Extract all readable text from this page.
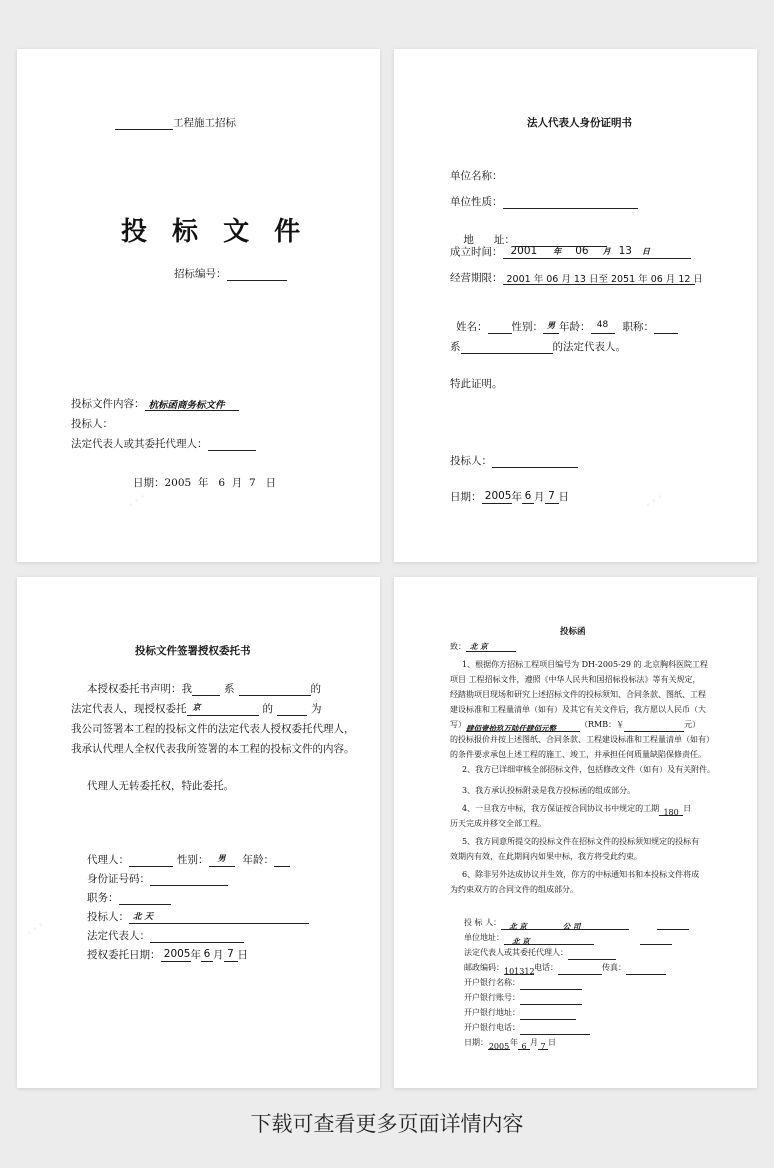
工程施工招标
投 标 文 件
招标编号：
投标文件内容： 杭标函商务标文件
投标人：
法定代表人或其委托代理人：
日期：2005  年   6  月  7   日
···
法人代表人身份证明书
单位名称：
单位性质：

地      址：

成立时间： 2001 年 06 月 13 日
经营期限： 2001 年 06 月 13 日至 2051 年 06 月 12 日
姓名： 性别： 男 年龄： 48 职称：
系	的法定代表人。
特此证明。
投标人：
日期： 2005年 6 月 7 日	···
投标文件签署授权委托书
本授权委托书声明：我	系	的
法定代表人，现授权委托 京	的	为
我公司签署本工程的投标文件的法定代表人授权委托代理人，
我承认代理人全权代表我所签署的本工程的投标文件的内容。
代理人无转委托权，特此委托。
代理人：	性别： 男 年龄：
身份证号码：
职务：
投标人： 北 天
法定代表人：
授权委托日期： 2005年 6 月 7 日
···
投标函
致： 北 京
1、根据你方招标工程项目编号为 DH-2005-29 的 北京胸科医院工程
项目 工程招标文件，遵照《中华人民共和国招标投标法》等有关规定，
经踏勘项目现场和研究上述招标文件的投标须知、合同条款、图纸、工程
建设标准和工程量清单（如有）及其它有关文件后，我方愿以人民币（大
写）肆佰壹拾玖万陆仟肆佰元整	（RMB：￥	元）
的投标报价并按上述图纸、合同条款、工程建设标准和工程量清单（如有）
的条件要求承包上述工程的施工、竣工，并承担任何质量缺陷保修责任。
2、我方已详细审核全部招标文件，包括修改文件（如有）及有关附件。
3、我方承认投标附录是我方投标函的组成部分。
4、一旦我方中标，我方保证按合同协议书中规定的工期 180 日
历天完成并移交全部工程。
5、我方同意所提交的投标文件在招标文件的投标须知规定的投标有
效期内有效，在此期间内如果中标，我方将受此约束。
6、除非另外达成协议并生效，你方的中标通知书和本投标文件将成
为约束双方的合同文件的组成部分。
投 标 人： 北 京	公 司
单位地址： 北 京
法定代表人或其委托代理人：
邮政编码：101312电话：	传真：
开户银行名称：
开户银行账号：
开户银行地址：
开户银行电话：
日期：2005年 6 月 7 日
下载可查看更多页面详情内容
